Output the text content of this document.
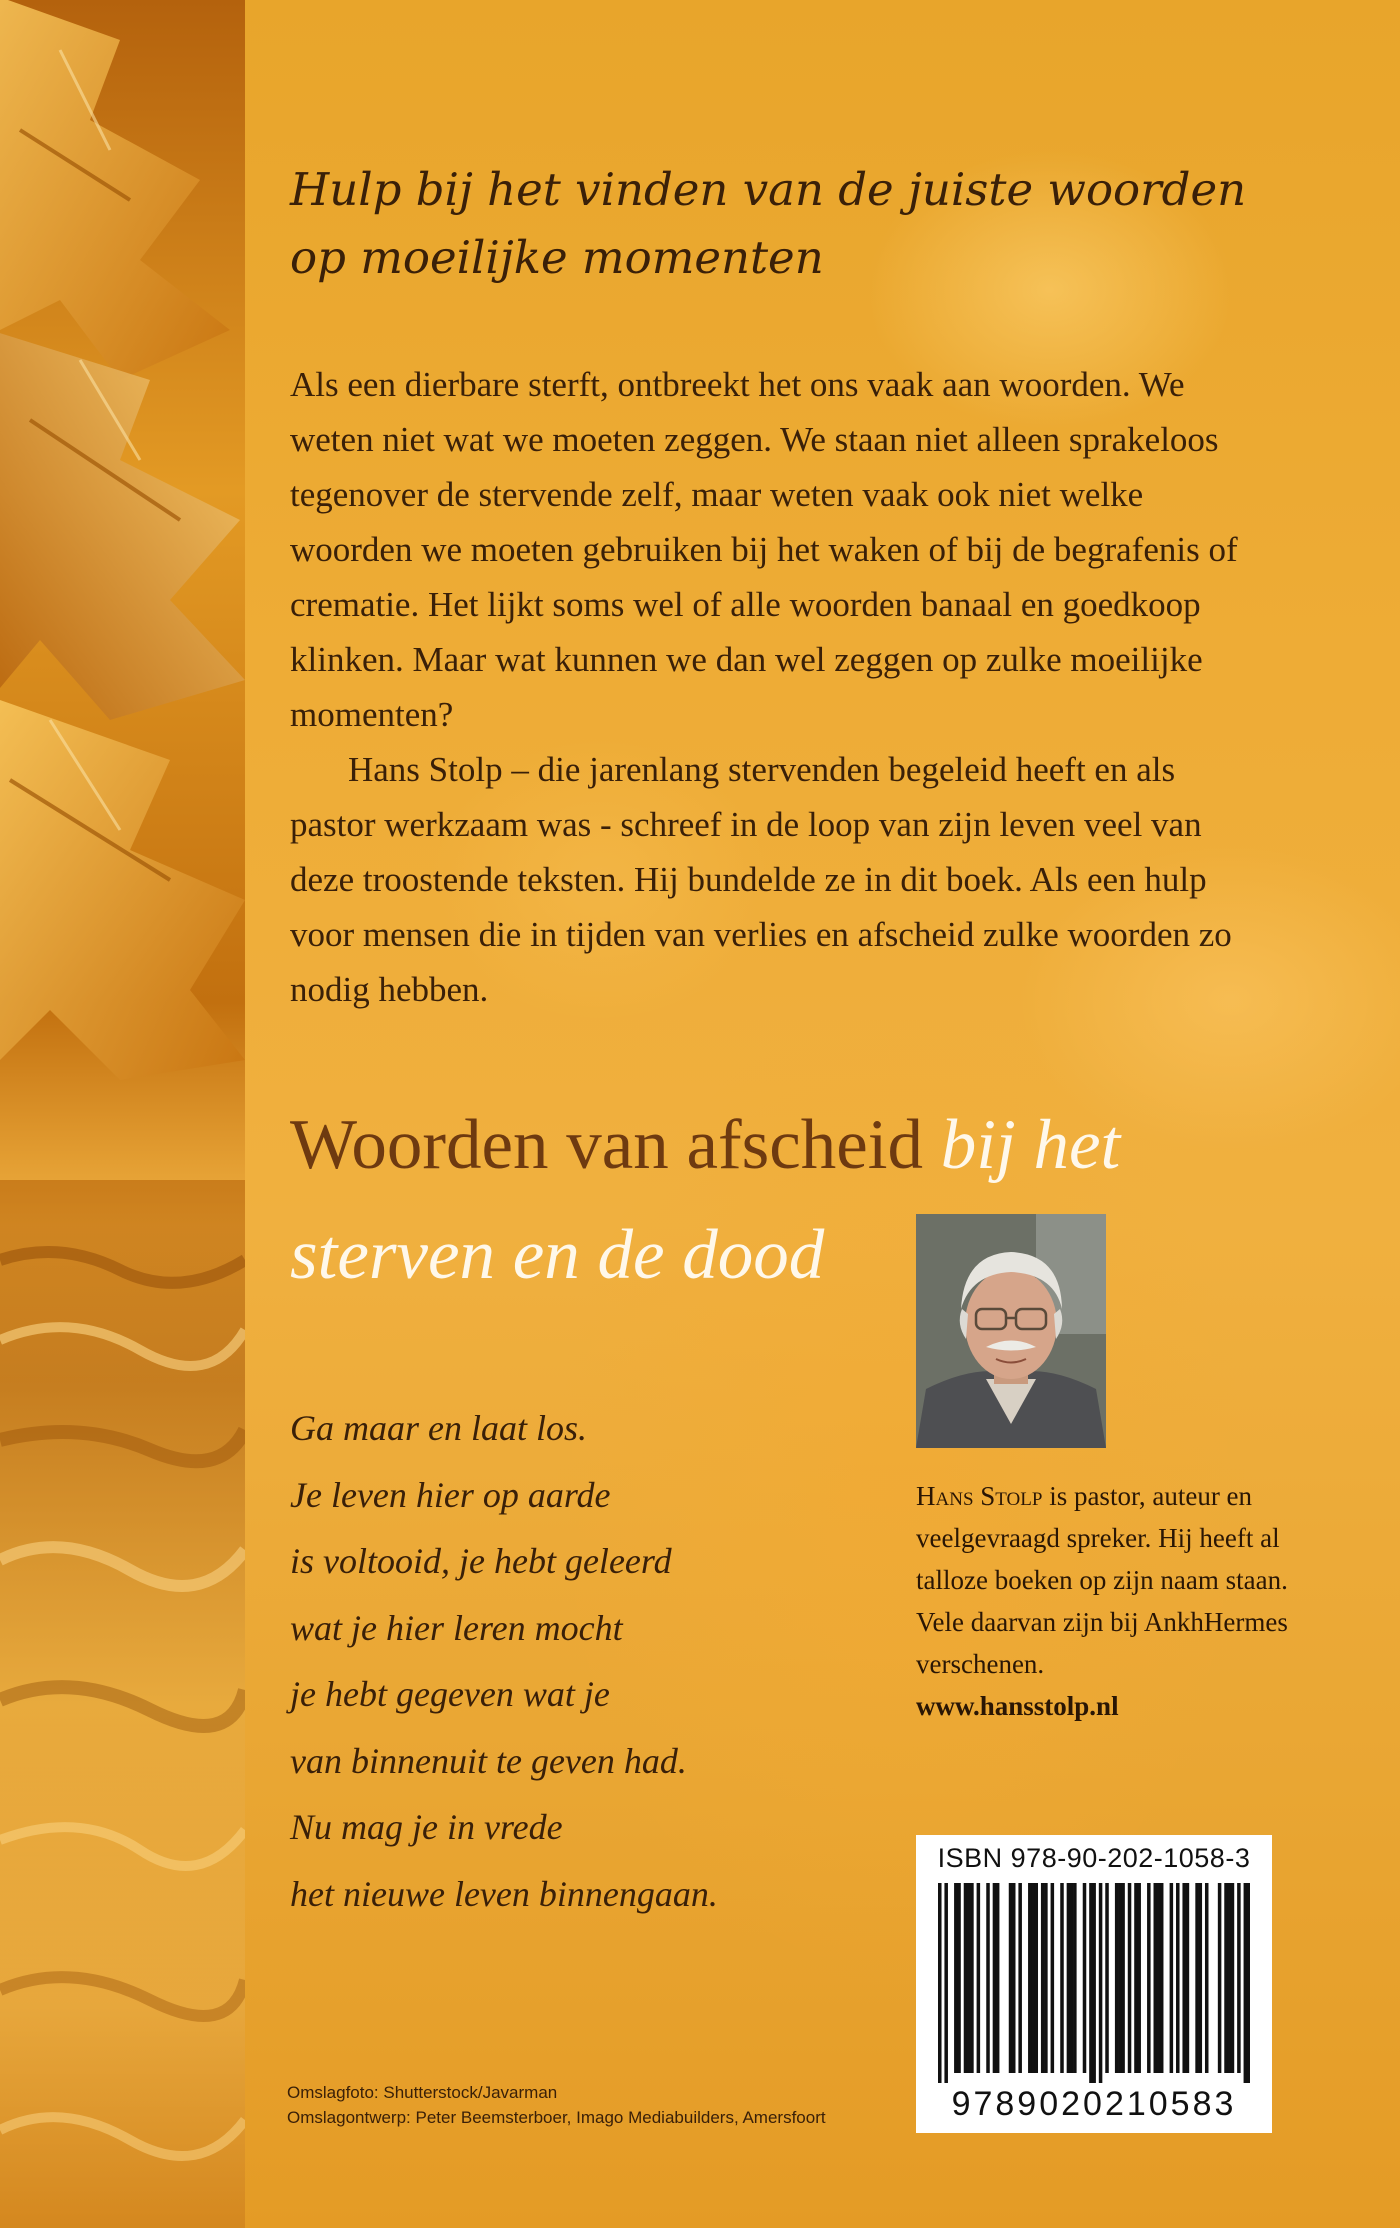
Hulp bij het vinden van de juiste woorden
op moeilijke momenten

Als een dierbare sterft, ontbreekt het ons vaak aan woorden. We weten niet wat we moeten zeggen. We staan niet alleen sprakeloos tegenover de stervende zelf, maar weten vaak ook niet welke woorden we moeten gebruiken bij het waken of bij de begrafenis of crematie. Het lijkt soms wel of alle woorden banaal en goedkoop klinken. Maar wat kunnen we dan wel zeggen op zulke moeilijke momenten?

Hans Stolp – die jarenlang stervenden begeleid heeft en als pastor werkzaam was - schreef in de loop van zijn leven veel van deze troostende teksten. Hij bundelde ze in dit boek. Als een hulp voor mensen die in tijden van verlies en afscheid zulke woorden zo nodig hebben.

Woorden van afscheid bij het
sterven en de dood
Ga maar en laat los.
Je leven hier op aarde
is voltooid, je hebt geleerd
wat je hier leren mocht
je hebt gegeven wat je
van binnenuit te geven had.
Nu mag je in vrede
het nieuwe leven binnengaan.
Hans Stolp is pastor, auteur en veelgevraagd spreker. Hij heeft al talloze boeken op zijn naam staan. Vele daarvan zijn bij AnkhHermes verschenen.
www.hansstolp.nl
ISBN 978-90-202-1058-3
9789020210583
Omslagfoto: Shutterstock/Javarman
Omslagontwerp: Peter Beemsterboer, Imago Mediabuilders, Amersfoort
